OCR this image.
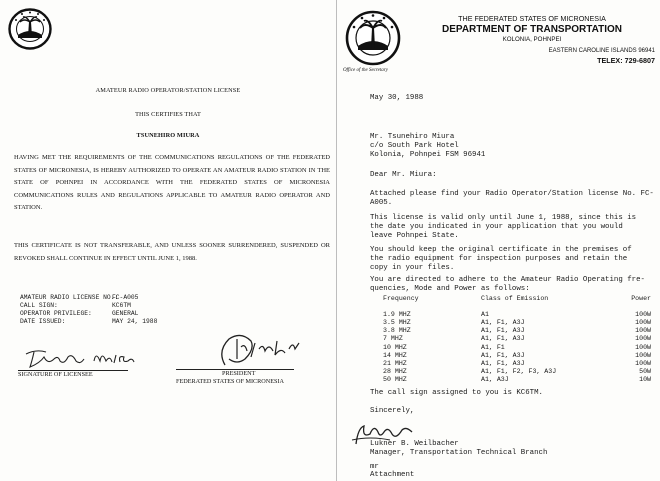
AMATEUR RADIO OPERATOR/STATION LICENSE
THIS CERTIFIES THAT
TSUNEHIRO MIURA
HAVING MET THE REQUIREMENTS OF THE COMMUNICATIONS REGULATIONS OF THE FEDERATED STATES OF MICRONESIA, IS HEREBY AUTHORIZED TO OPERATE AN AMATEUR RADIO STATION IN THE STATE OF POHNPEI IN ACCORDANCE WITH THE FEDERATED STATES OF MICRONESIA COMMUNICATIONS RULES AND REGULATIONS APPLICABLE TO AMATEUR RADIO OPERATOR AND STATION.
THIS CERTIFICATE IS NOT TRANSFERABLE, AND UNLESS SOONER SURRENDERED, SUSPENDED OR REVOKED SHALL CONTINUE IN EFFECT UNTIL JUNE 1, 1988.
AMATEUR RADIO LICENSE NO.:FC-A005
CALL SIGN:	KC6TM
OPERATOR PRIVILEGE:	GENERAL
DATE ISSUED:	MAY 24, 1988
SIGNATURE OF LICENSEE	PRESIDENT
FEDERATED STATES OF MICRONESIA
Office of the Secretary
THE FEDERATED STATES OF MICRONESIA
DEPARTMENT OF TRANSPORTATION
KOLONIA, POHNPEI
EASTERN CAROLINE ISLANDS 96941
TELEX: 729-6807
May 30, 1988
Mr. Tsunehiro Miura
c/o South Park Hotel
Kolonia, Pohnpei FSM 96941
Dear Mr. Miura:
Attached please find your Radio Operator/Station license No. FC-
A005.
This license is valid only until June 1, 1988, since this is
the date you indicated in your application that you would
leave Pohnpei State.
You should keep the original certificate in the premises of
the radio equipment for inspection purposes and retain the
copy in your files.
You are directed to adhere to the Amateur Radio Operating fre-
quencies, Mode and Power as follows:
Frequency	Class of Emission	Power

1.9 MHZ	A1	100W
3.5 MHZ	A1, F1, A3J	100W
3.8 MHZ	A1, F1, A3J	100W
7 MHZ	A1, F1, A3J	100W
10 MHZ	A1, F1	100W
14 MHZ	A1, F1, A3J	100W
21 MHZ	A1, F1, A3J	100W
28 MHZ	A1, F1, F2, F3, A3J	50W
50 MHZ	A1, A3J	10W
The call sign assigned to you is KC6TM.
Sincerely,
Lukner B. Weilbacher
Manager, Transportation Technical Branch
mr
Attachment
